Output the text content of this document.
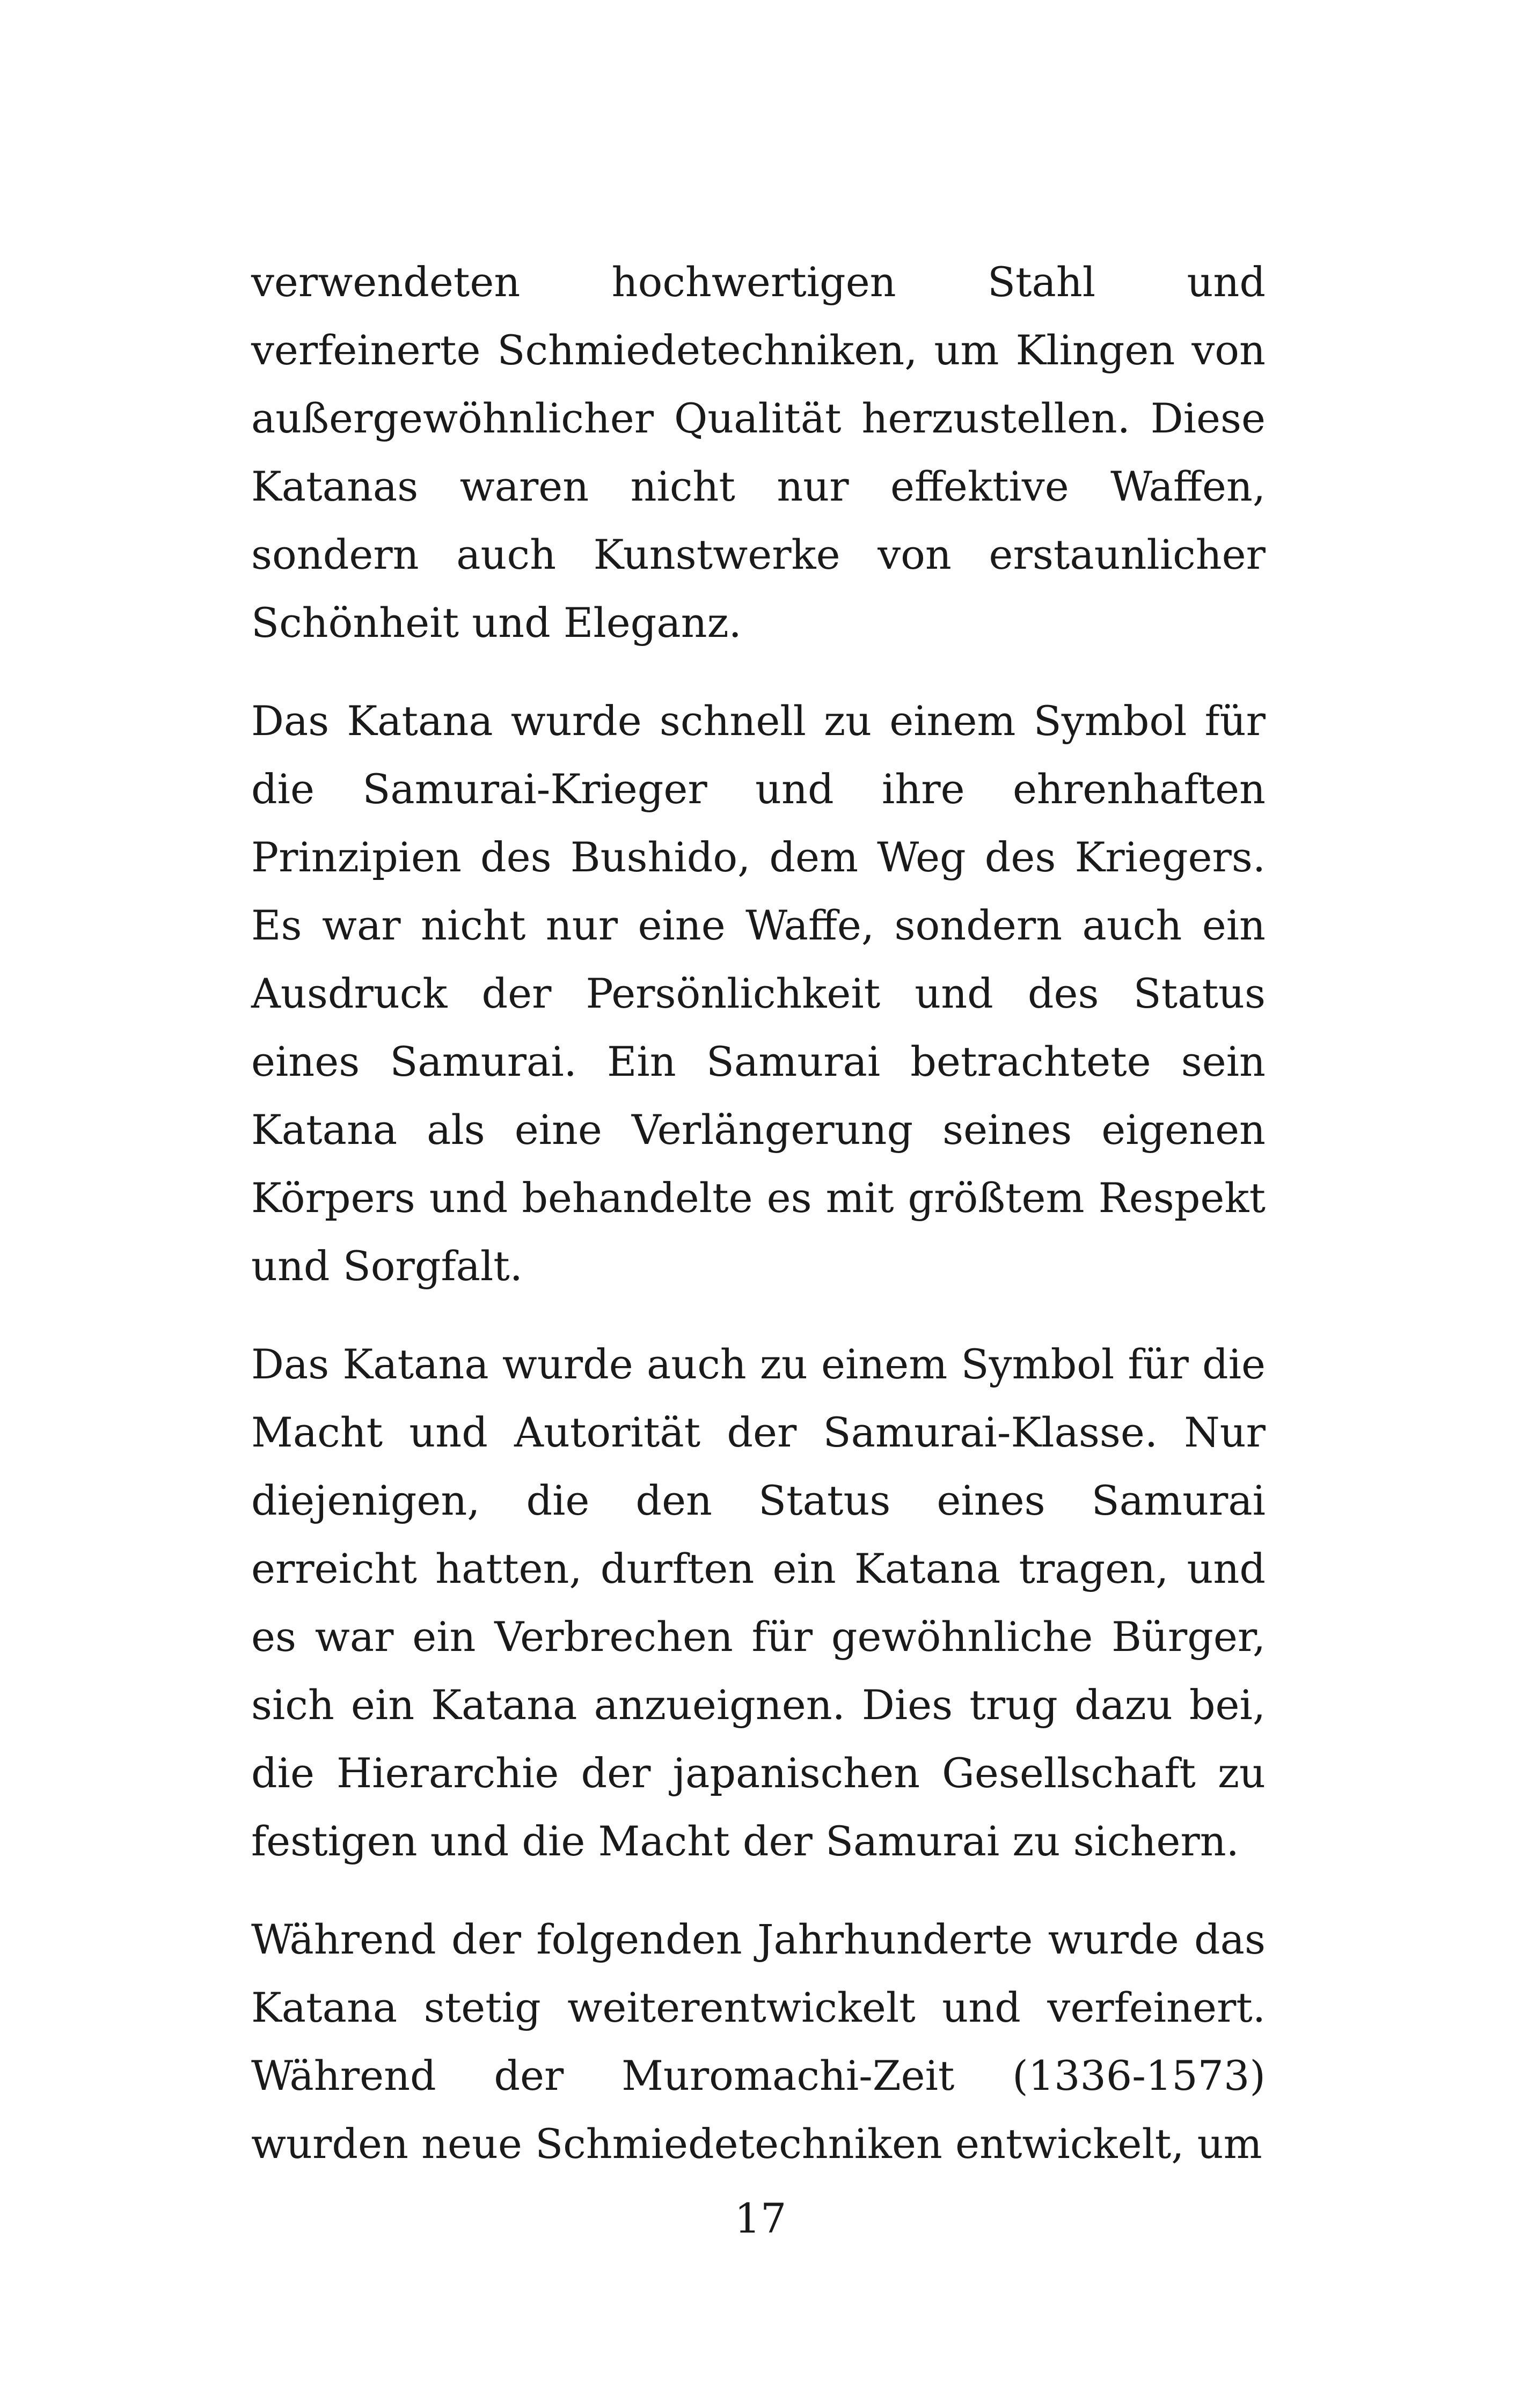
verwendeten hochwertigen Stahl und verfeinerte Schmiedetechniken, um Klingen von außergewöhnlicher Qualität herzustellen. Diese Katanas waren nicht nur effektive Waffen, sondern auch Kunstwerke von erstaunlicher Schönheit und Eleganz.

Das Katana wurde schnell zu einem Symbol für die Samurai-Krieger und ihre ehrenhaften Prinzipien des Bushido, dem Weg des Kriegers. Es war nicht nur eine Waffe, sondern auch ein Ausdruck der Persönlichkeit und des Status eines Samurai. Ein Samurai betrachtete sein Katana als eine Verlängerung seines eigenen Körpers und behandelte es mit größtem Respekt und Sorgfalt.

Das Katana wurde auch zu einem Symbol für die Macht und Autorität der Samurai-Klasse. Nur diejenigen, die den Status eines Samurai erreicht hatten, durften ein Katana tragen, und es war ein Verbrechen für gewöhnliche Bürger, sich ein Katana anzueignen. Dies trug dazu bei, die Hierarchie der japanischen Gesellschaft zu festigen und die Macht der Samurai zu sichern.

Während der folgenden Jahrhunderte wurde das Katana stetig weiterentwickelt und verfeinert. Während der Muromachi-Zeit (1336-1573) wurden neue Schmiedetechniken entwickelt, um

17
